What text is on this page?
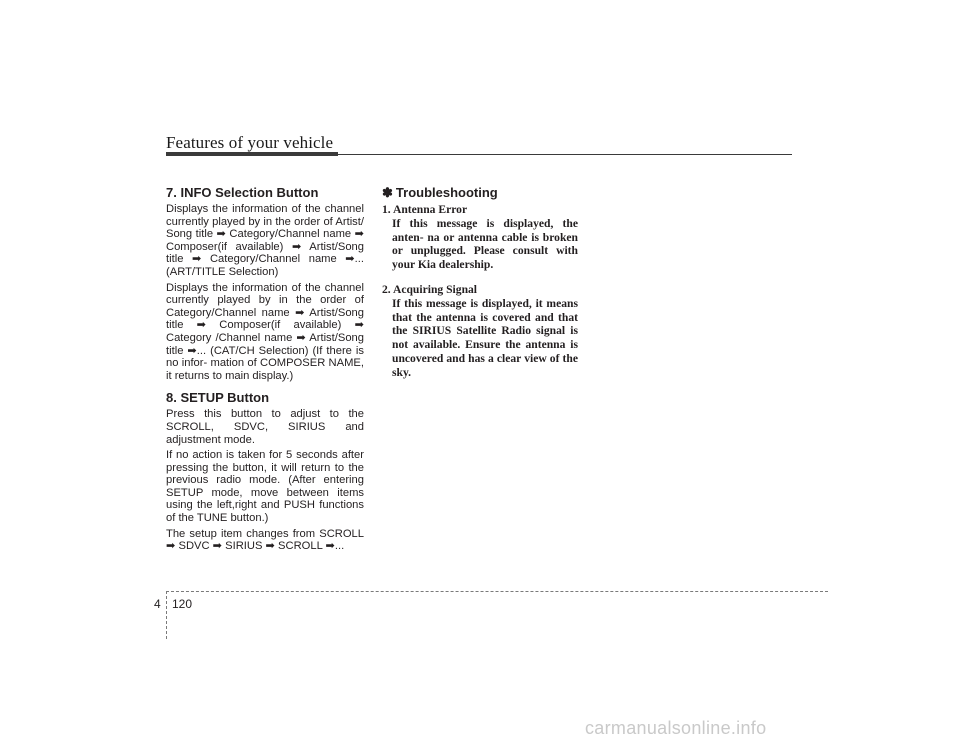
Features of your vehicle
7. INFO Selection Button

Displays the information of the channel currently played by in the order of Artist/ Song title ➡ Category/Channel name ➡ Composer(if available) ➡ Artist/Song title ➡ Category/Channel name ➡... (ART/TITLE Selection)

Displays the information of the channel currently played by in the order of Category/Channel name ➡ Artist/Song title ➡ Composer(if available) ➡ Category /Channel name ➡ Artist/Song title ➡... (CAT/CH Selection) (If there is no infor- mation of COMPOSER NAME, it returns to main display.)

8. SETUP Button

Press this button to adjust to the SCROLL, SDVC, SIRIUS and adjustment mode.

If no action is taken for 5 seconds after pressing the button, it will return to the previous radio mode. (After entering SETUP mode, move between items using the left,right and PUSH functions of the TUNE button.)

The setup item changes from SCROLL ➡ SDVC ➡ SIRIUS ➡ SCROLL ➡...

✽ Troubleshooting
1. Antenna Error
If this message is displayed, the anten- na or antenna cable is broken or unplugged. Please consult with your Kia dealership.
2. Acquiring Signal
If this message is displayed, it means that the antenna is covered and that the SIRIUS Satellite Radio signal is not available. Ensure the antenna is uncovered and has a clear view of the sky.
4 120
carmanualsonline.info
